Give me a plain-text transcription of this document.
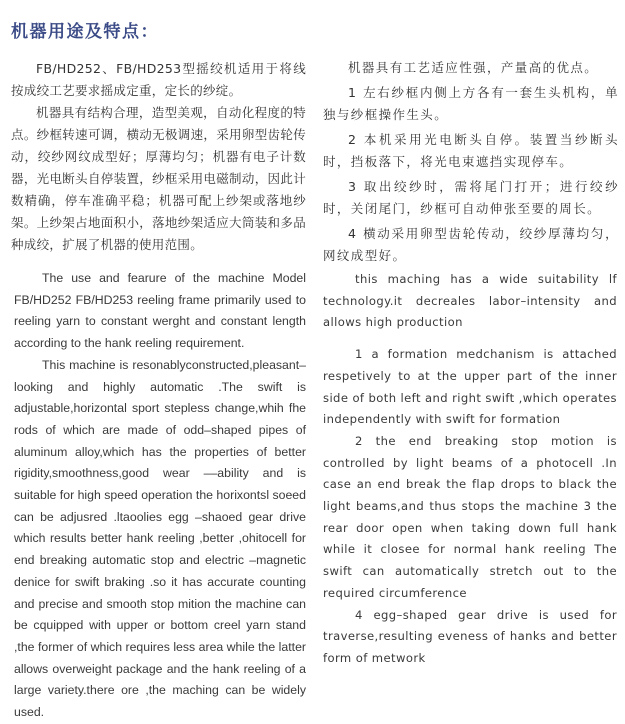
机器用途及特点：

FB/HD252、FB/HD253型摇绞机适用于将线按成绞工艺要求摇成定重，定长的纱绽。

机器具有结构合理，造型美观，自动化程度的特点。纱框转速可调，横动无极调速，采用卵型齿轮传动，绞纱网纹成型好；厚薄均匀；机器有电子计数器，光电断头自停装置，纱框采用电磁制动，因此计数精确，停车准确平稳；机器可配上纱架或落地纱架。上纱架占地面积小，落地纱架适应大筒装和多品种成绞，扩展了机器的使用范围。

机器具有工艺适应性强，产量高的优点。

1 左右纱框内侧上方各有一套生头机构，单独与纱框操作生头。

2 本机采用光电断头自停。装置当纱断头时，挡板落下，将光电束遮挡实现停车。

3 取出绞纱时，需将尾门打开；进行绞纱时，关闭尾门，纱框可自动伸张至要的周长。

4 横动采用卵型齿轮传动，绞纱厚薄均匀，网纹成型好。

The use and fearure of the machine Model FB/HD252 FB/HD253 reeling frame primarily used to reeling yarn to constant werght and constant length according to the hank reeling requirement.

This machine is resonablyconstructed,pleasant–looking and highly automatic .The swift is adjustable,horizontal sport stepless change,whih fhe rods of which are made of odd–shaped pipes of aluminum alloy,which has the properties of better rigidity,smoothness,good wear ––ability and is suitable for high speed operation the horixontsl soeed can be adjusred .ltaoolies egg –shaoed gear drive which results better hank reeling ,better ,ohitocell for end breaking automatic stop and electric –magnetic denice for swift braking .so it has accurate counting and precise and smooth stop mition the machine can be cquipped with upper or bottom creel yarn stand ,the former of which requires less area while the latter allows overweight package and the hank reeling of a large variety.there ore ,the maching can be widely used.

this maching has a wide suitability lf technology.it decreales labor–intensity and allows high production

1 a formation medchanism is attached respetively to at the upper part of the inner side of both left and right swift ,which operates independently with swift for formation

2 the end breaking stop motion is controlled by light beams of a photocell .In case an end break the flap drops to black the light beams,and thus stops the machine 3 the rear door open when taking down full hank while it closee for normal hank reeling The swift can automatically stretch out to the required circumference

4 egg–shaped gear drive is used for traverse,resulting eveness of hanks and better form of metwork
